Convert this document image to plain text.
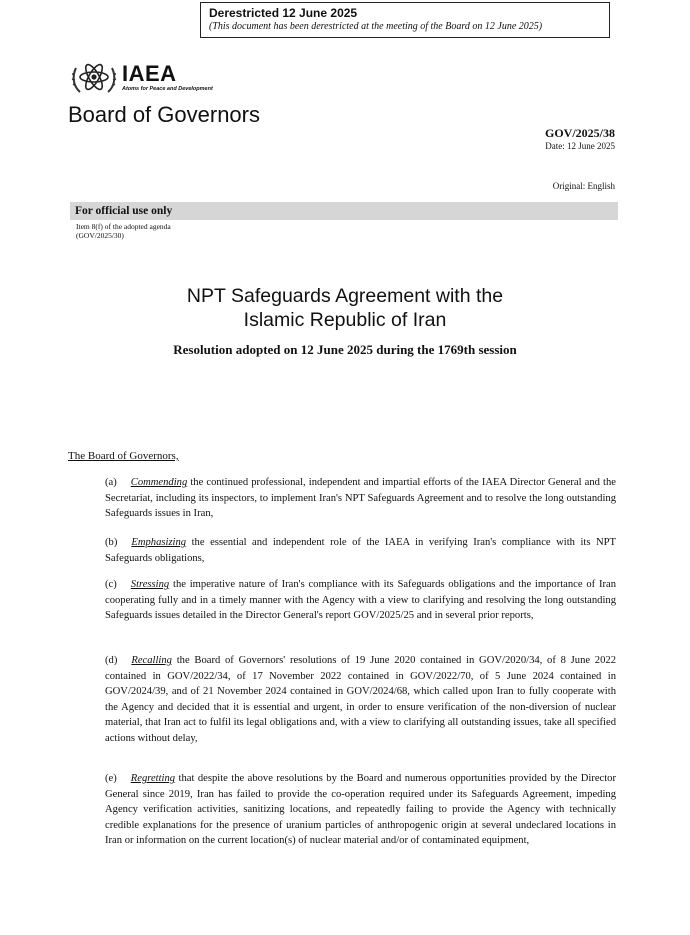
Derestricted 12 June 2025
(This document has been derestricted at the meeting of the Board on 12 June 2025)
IAEA
Atoms for Peace and Development
Board of Governors
GOV/2025/38
Date: 12 June 2025
Original: English
For official use only
Item 8(f) of the adopted agenda
(GOV/2025/30)
NPT Safeguards Agreement with the
Islamic Republic of Iran
Resolution adopted on 12 June 2025 during the 1769th session
The Board of Governors,

(a) Commending the continued professional, independent and impartial efforts of the IAEA Director General and the Secretariat, including its inspectors, to implement Iran's NPT Safeguards Agreement and to resolve the long outstanding Safeguards issues in Iran,

(b) Emphasizing the essential and independent role of the IAEA in verifying Iran's compliance with its NPT Safeguards obligations,

(c) Stressing the imperative nature of Iran's compliance with its Safeguards obligations and the importance of Iran cooperating fully and in a timely manner with the Agency with a view to clarifying and resolving the long outstanding Safeguards issues detailed in the Director General's report GOV/2025/25 and in several prior reports,

(d) Recalling the Board of Governors' resolutions of 19 June 2020 contained in GOV/2020/34, of 8 June 2022 contained in GOV/2022/34, of 17 November 2022 contained in GOV/2022/70, of 5 June 2024 contained in GOV/2024/39, and of 21 November 2024 contained in GOV/2024/68, which called upon Iran to fully cooperate with the Agency and decided that it is essential and urgent, in order to ensure verification of the non-diversion of nuclear material, that Iran act to fulfil its legal obligations and, with a view to clarifying all outstanding issues, take all specified actions without delay,

(e) Regretting that despite the above resolutions by the Board and numerous opportunities provided by the Director General since 2019, Iran has failed to provide the co-operation required under its Safeguards Agreement, impeding Agency verification activities, sanitizing locations, and repeatedly failing to provide the Agency with technically credible explanations for the presence of uranium particles of anthropogenic origin at several undeclared locations in Iran or information on the current location(s) of nuclear material and/or of contaminated equipment,
